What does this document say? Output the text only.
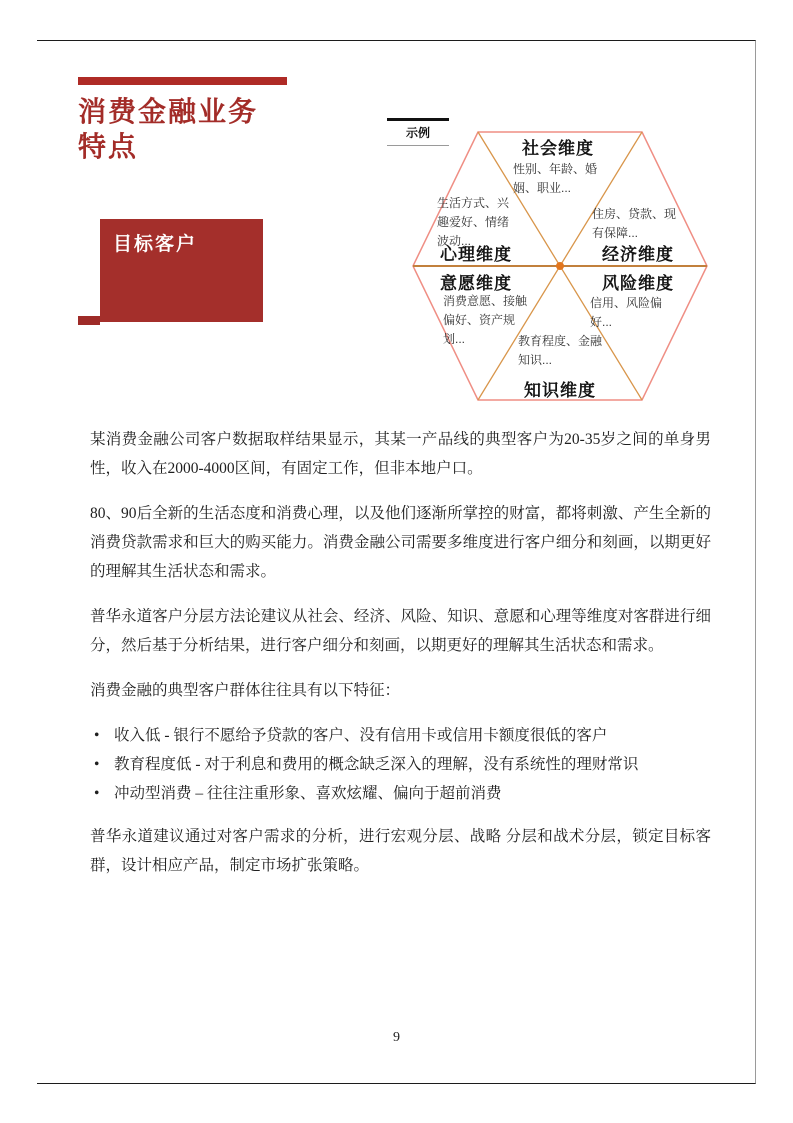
消费金融业务
特点
目标客户
示例
社会维度
性别、年龄、婚姻、职业...
生活方式、兴趣爱好、情绪波动...
心理维度
住房、贷款、现有保障...
经济维度
意愿维度
消费意愿、接触偏好、资产规划...
风险维度
信用、风险偏好...
教育程度、金融知识...
知识维度

某消费金融公司客户数据取样结果显示，其某一产品线的典型客户为20-35岁之间的单身男性，收入在2000-4000区间，有固定工作，但非本地户口。

80、90后全新的生活态度和消费心理，以及他们逐渐所掌控的财富，都将刺激、产生全新的消费贷款需求和巨大的购买能力。消费金融公司需要多维度进行客户细分和刻画，以期更好的理解其生活状态和需求。

普华永道客户分层方法论建议从社会、经济、风险、知识、意愿和心理等维度对客群进行细分，然后基于分析结果，进行客户细分和刻画，以期更好的理解其生活状态和需求。

消费金融的典型客户群体往往具有以下特征：

• 收入低 - 银行不愿给予贷款的客户、没有信用卡或信用卡额度很低的客户
• 教育程度低 - 对于利息和费用的概念缺乏深入的理解，没有系统性的理财常识
• 冲动型消费 – 往往注重形象、喜欢炫耀、偏向于超前消费

普华永道建议通过对客户需求的分析，进行宏观分层、战略 分层和战术分层，锁定目标客群，设计相应产品，制定市场扩张策略。

9
